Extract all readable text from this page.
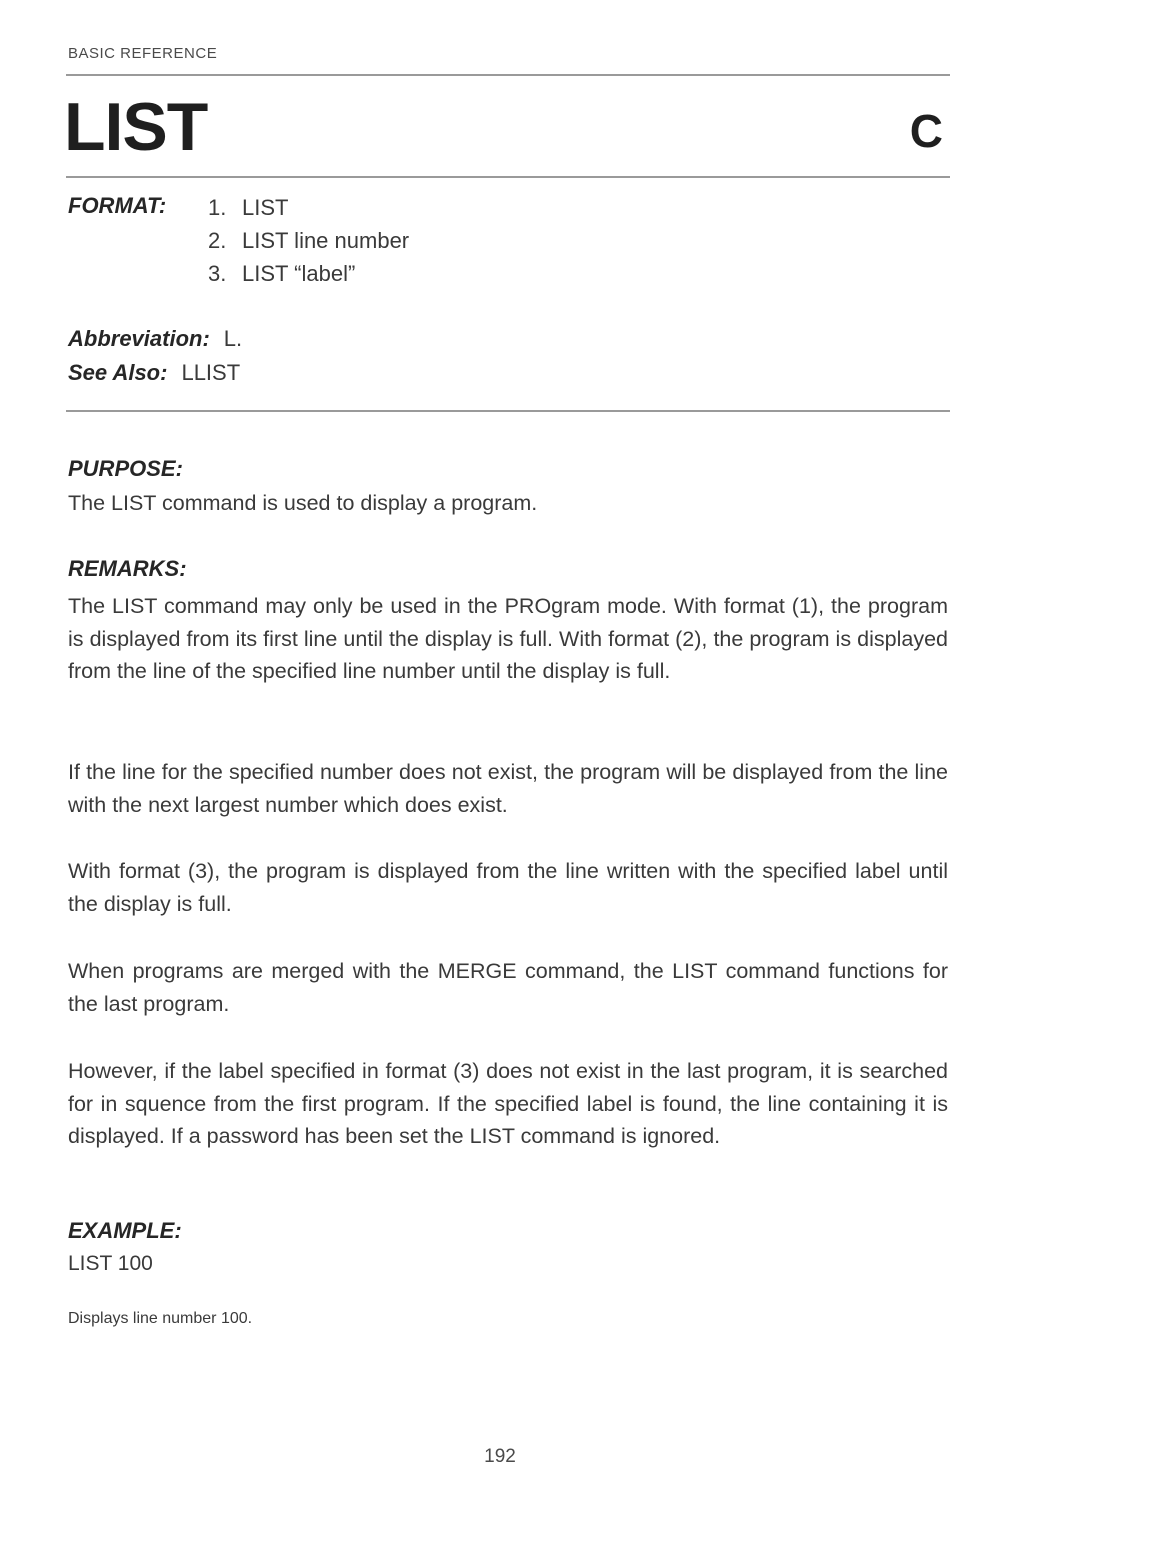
BASIC REFERENCE
LIST	C
FORMAT: 1. LIST
2. LIST line number
3. LIST “label”
Abbreviation: L.
See Also: LLIST
PURPOSE:
The LIST command is used to display a program.
REMARKS:
The LIST command may only be used in the PROgram mode. With format (1), the program is displayed from its first line until the display is full. With format (2), the program is displayed from the line of the specified line number until the display is full.
If the line for the specified number does not exist, the program will be displayed from the line with the next largest number which does exist.
With format (3), the program is displayed from the line written with the specified label until the display is full.
When programs are merged with the MERGE command, the LIST command functions for the last program.
However, if the label specified in format (3) does not exist in the last program, it is searched for in squence from the first program. If the specified label is found, the line containing it is displayed. If a password has been set the LIST command is ignored.
EXAMPLE:
LIST 100
Displays line number 100.
192
